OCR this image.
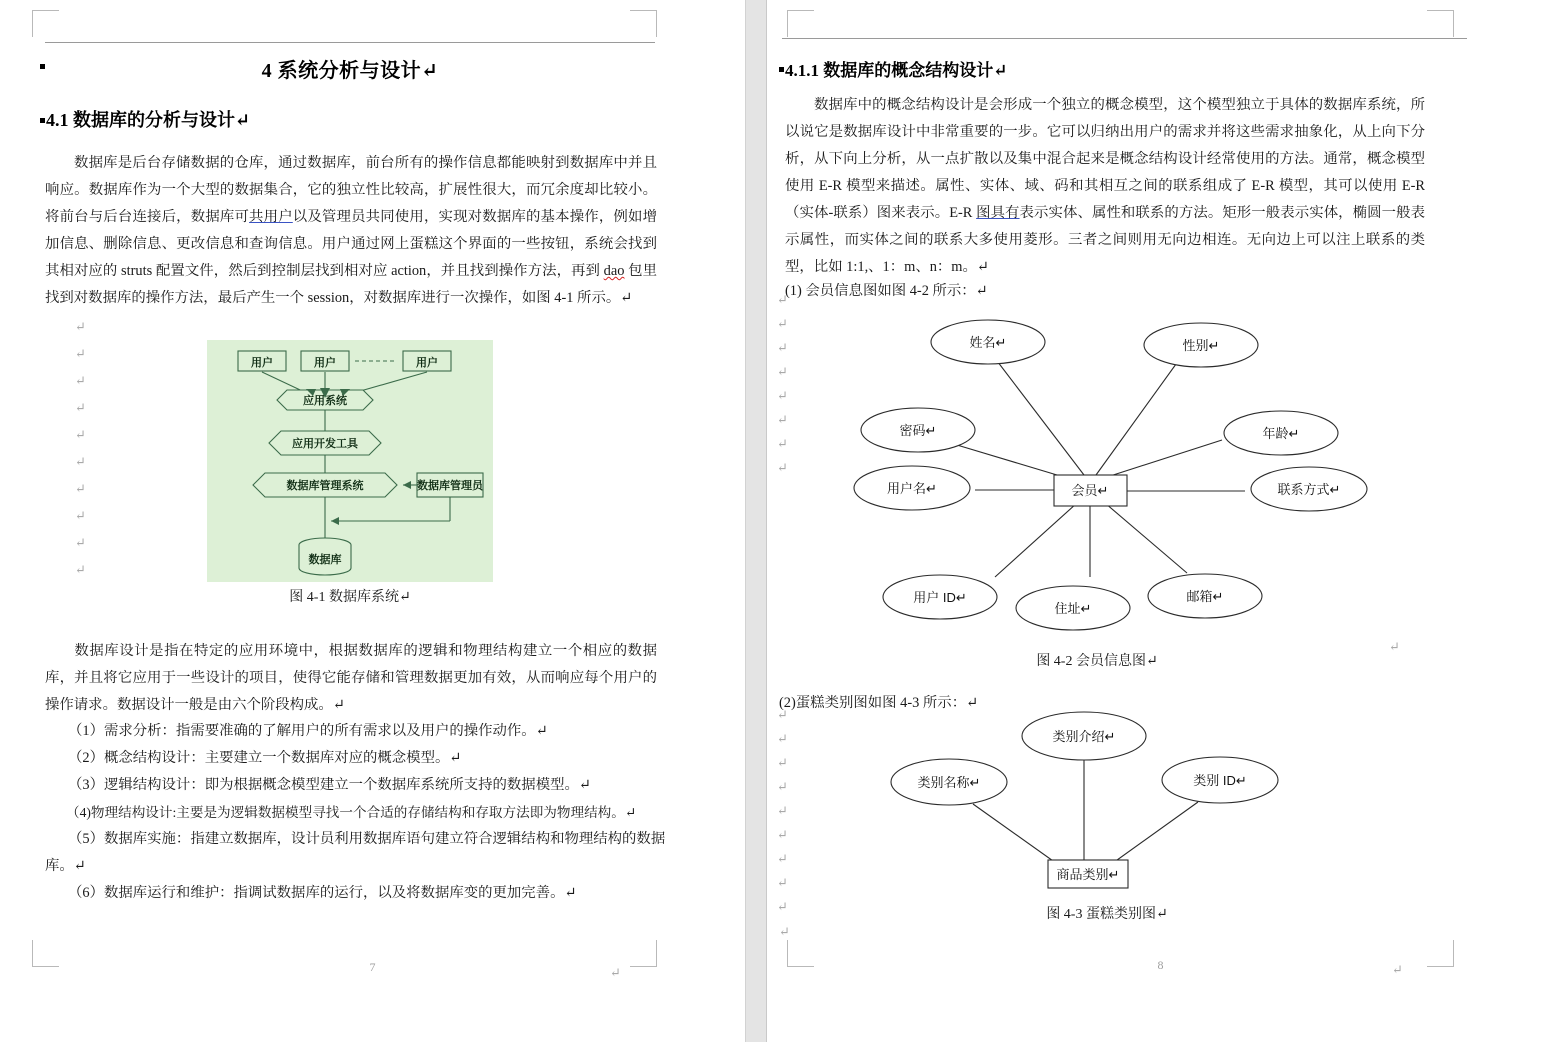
4 系统分析与设计↵
4.1 数据库的分析与设计↵
数据库是后台存储数据的仓库，通过数据库，前台所有的操作信息都能映射到数据库中并且响应。数据库作为一个大型的数据集合，它的独立性比较高，扩展性很大，而冗余度却比较小。将前台与后台连接后，数据库可共用户以及管理员共同使用，实现对数据库的基本操作，例如增加信息、删除信息、更改信息和查询信息。用户通过网上蛋糕这个界面的一些按钮，系统会找到其相对应的 struts 配置文件，然后到控制层找到相对应 action，并且找到操作方法，再到 dao 包里找到对数据库的操作方法，最后产生一个 session，对数据库进行一次操作，如图 4-1 所示。↵
↵
↵
↵
↵
↵
↵
↵
↵
↵
↵
用户	用户	用户
应用系统
应用开发工具
数据库管理系统	数据库管理员
数据库
图 4-1 数据库系统↵
数据库设计是指在特定的应用环境中，根据数据库的逻辑和物理结构建立一个相应的数据库，并且将它应用于一些设计的项目，使得它能存储和管理数据更加有效，从而响应每个用户的操作请求。数据设计一般是由六个阶段构成。↵
（1）需求分析：指需要准确的了解用户的所有需求以及用户的操作动作。↵
（2）概念结构设计：主要建立一个数据库对应的概念模型。↵
（3）逻辑结构设计：即为根据概念模型建立一个数据库系统所支持的数据模型。↵
（4)物理结构设计:主要是为逻辑数据模型寻找一个合适的存储结构和存取方法即为物理结构。↵
（5）数据库实施：指建立数据库，设计员利用数据库语句建立符合逻辑结构和物理结构的数据
库。↵
（6）数据库运行和维护：指调试数据库的运行，以及将数据库变的更加完善。↵
↵
7
4.1.1 数据库的概念结构设计↵
数据库中的概念结构设计是会形成一个独立的概念模型，这个模型独立于具体的数据库系统，所以说它是数据库设计中非常重要的一步。它可以归纳出用户的需求并将这些需求抽象化，从上向下分析，从下向上分析，从一点扩散以及集中混合起来是概念结构设计经常使用的方法。通常，概念模型使用 E-R 模型来描述。属性、实体、域、码和其相互之间的联系组成了 E-R 模型，其可以使用 E-R（实体-联系）图来表示。E-R 图具有表示实体、属性和联系的方法。矩形一般表示实体，椭圆一般表示属性，而实体之间的联系大多使用菱形。三者之间则用无向边相连。无向边上可以注上联系的类型，比如 1:1,、1：m、n：m。↵
(1) 会员信息图如图 4-2 所示：↵
↵
↵
↵
↵
↵
↵
↵
↵
会员↵
姓名↵	性别↵
密码↵	年龄↵
用户名↵	联系方式↵
用户 ID↵
住址↵
邮箱↵
图 4-2 会员信息图↵
(2)蛋糕类别图如图 4-3 所示：↵
↵
↵
↵
↵
↵
↵
↵
↵
↵
↵
类别介绍↵
类别名称↵	类别 ID↵
商品类别↵
图 4-3 蛋糕类别图↵
↵
↵
8
